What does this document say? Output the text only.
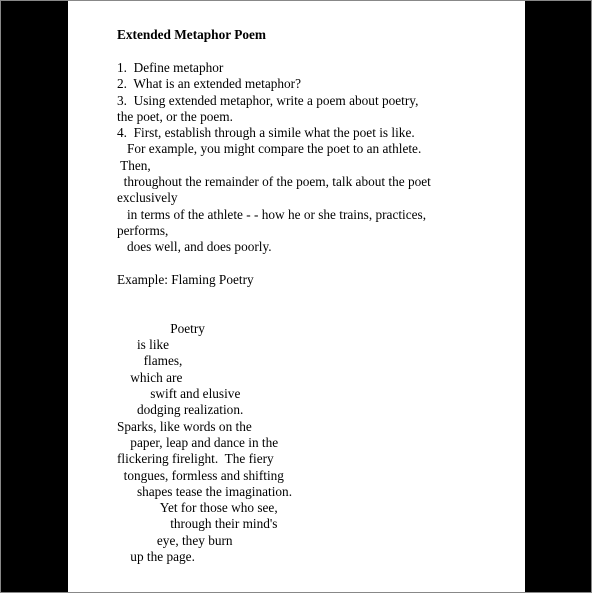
Extended Metaphor Poem

1.  Define metaphor
2.  What is an extended metaphor?
3.  Using extended metaphor, write a poem about poetry,
the poet, or the poem.
4.  First, establish through a simile what the poet is like.
For example, you might compare the poet to an athlete.
Then,
throughout the remainder of the poem, talk about the poet
exclusively
in terms of the athlete - - how he or she trains, practices,
performs,
does well, and does poorly.
Example: Flaming Poetry
Poetry
is like
flames,
which are
swift and elusive
dodging realization.
Sparks, like words on the
paper, leap and dance in the
flickering firelight.  The fiery
tongues, formless and shifting
shapes tease the imagination.
Yet for those who see,
through their mind's
eye, they burn
up the page.
